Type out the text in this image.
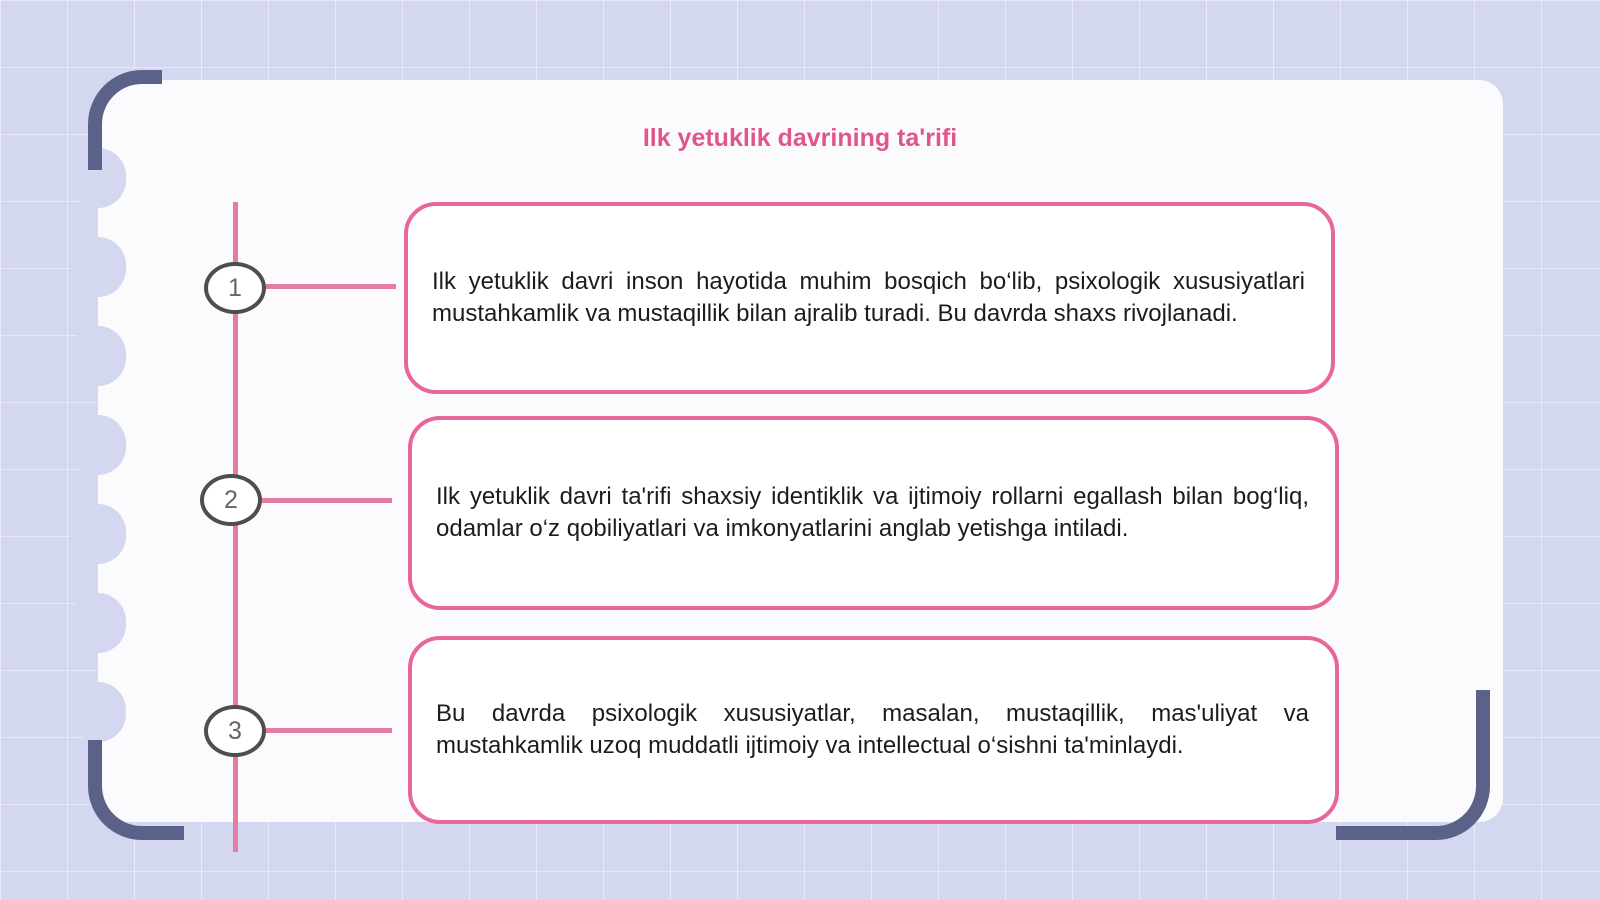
Ilk yetuklik davrining ta'rifi
1
2
3
Ilk yetuklik davri inson hayotida muhim bosqich bo‘lib, psixologik xususiyatlari mustahkamlik va mustaqillik bilan ajralib turadi. Bu davrda shaxs rivojlanadi.
Ilk yetuklik davri ta'rifi shaxsiy identiklik va ijtimoiy rollarni egallash bilan bog‘liq, odamlar o‘z qobiliyatlari va imkonyatlarini anglab yetishga intiladi.
Bu davrda psixologik xususiyatlar, masalan, mustaqillik, mas'uliyat va mustahkamlik uzoq muddatli ijtimoiy va intellectual o‘sishni ta'minlaydi.
